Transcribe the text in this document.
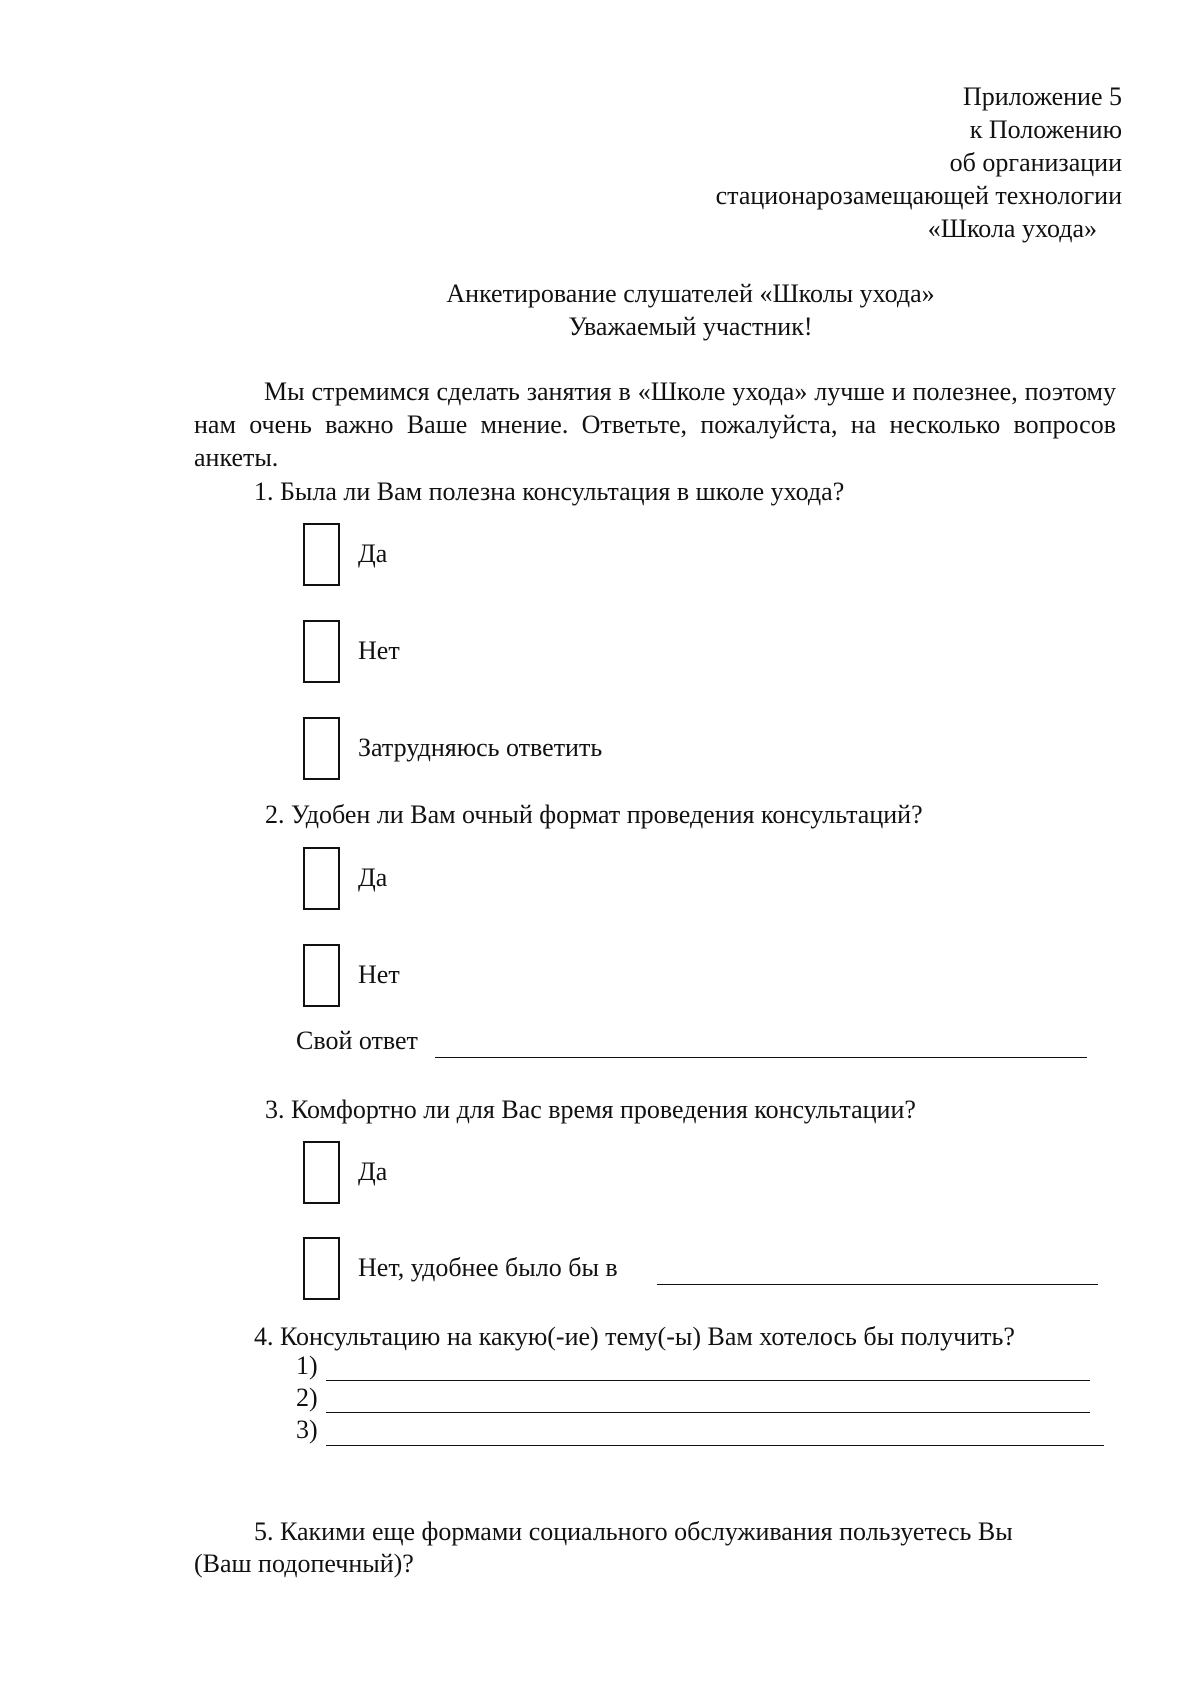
Приложение 5
к Положению
об организации
стационарозамещающей технологии
«Школа ухода»
Анкетирование слушателей «Школы ухода»
Уважаемый участник!
Мы стремимся сделать занятия в «Школе ухода» лучше и полезнее, поэтому нам очень важно Ваше мнение. Ответьте, пожалуйста, на несколько вопросов анкеты.
1. Была ли Вам полезна консультация в школе ухода?
Да
Нет
Затрудняюсь ответить
2. Удобен ли Вам очный формат проведения консультаций?
Да
Нет
Свой ответ
3. Комфортно ли для Вас время проведения консультации?
Да
Нет, удобнее было бы в
4. Консультацию на какую(-ие) тему(-ы) Вам хотелось бы получить?
1)
2)
3)
5. Какими еще формами социального обслуживания пользуетесь Вы
(Ваш подопечный)?
